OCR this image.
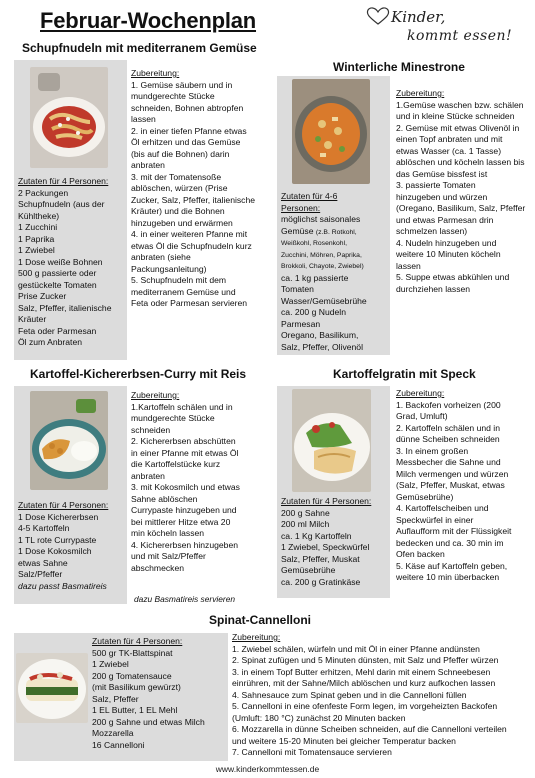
Februar-Wochenplan	Kinder,
kommt essen!
Schupfnudeln mit mediterranem Gemüse
Zutaten für 4 Personen:
2 Packungen
Schupfnudeln (aus der
Kühltheke)
1 Zucchini
1 Paprika
1 Zwiebel
1 Dose weiße Bohnen
500 g passierte oder
gestückelte Tomaten
Prise Zucker
Salz, Pfeffer, italienische
Kräuter
Feta oder Parmesan
Öl zum Anbraten
Zubereitung:
1. Gemüse säubern und in
mundgerechte Stücke
schneiden, Bohnen abtropfen
lassen
2. in einer tiefen Pfanne etwas
Öl erhitzen und das Gemüse
(bis auf die Bohnen) darin
anbraten
3. mit der Tomatensoße
ablöschen, würzen (Prise
Zucker, Salz, Pfeffer, italienische
Kräuter) und die Bohnen
hinzugeben und erwärmen
4. in einer weiteren Pfanne mit
etwas Öl die Schupfnudeln kurz
anbraten (siehe
Packungsanleitung)
5. Schupfnudeln mit dem
mediterranem Gemüse und
Feta oder Parmesan servieren
Winterliche Minestrone
Zutaten für 4-6
Personen:
möglichst saisonales
Gemüse (z.B. Rotkohl,
Weißkohl, Rosenkohl,
Zucchini, Möhren, Paprika,
Brokkoli, Chayote, Zwiebel)
ca. 1 kg passierte
Tomaten
Wasser/Gemüsebrühe
ca. 200 g Nudeln
Parmesan
Oregano, Basilikum,
Salz, Pfeffer, Olivenöl
Zubereitung:
1.Gemüse waschen bzw. schälen
und in kleine Stücke schneiden
2. Gemüse mit etwas Olivenöl in
einen Topf anbraten und mit
etwas Wasser (ca. 1 Tasse)
ablöschen und köcheln lassen bis
das Gemüse bissfest ist
3. passierte Tomaten
hinzugeben und würzen
(Oregano, Basilikum, Salz, Pfeffer
und etwas Parmesan drin
schmelzen lassen)
4. Nudeln hinzugeben und
weitere 10 Minuten köcheln
lassen
5. Suppe etwas abkühlen und
durchziehen lassen
Kartoffel-Kichererbsen-Curry mit Reis
Zutaten für 4 Personen:
1 Dose Kichererbsen
4-5 Kartoffeln
1 TL rote Currypaste
1 Dose Kokosmilch
etwas Sahne
Salz/Pfeffer
dazu passt Basmatireis
Zubereitung:
1.Kartoffeln schälen und in
mundgerechte Stücke
schneiden
2. Kichererbsen abschütten
in einer Pfanne mit etwas Öl
die Kartoffelstücke kurz
anbraten
3. mit Kokosmilch und etwas
Sahne ablöschen
Currypaste hinzugeben und
bei mittlerer Hitze etwa 20
min köcheln lassen
4. Kichererbsen hinzugeben
und mit Salz/Pfeffer
abschmecken
dazu Basmatireis servieren
Kartoffelgratin mit Speck
Zutaten für 4 Personen:
200 g Sahne
200 ml Milch
ca. 1 Kg Kartoffeln
1 Zwiebel, Speckwürfel
Salz, Pfeffer, Muskat
Gemüsebrühe
ca. 200 g Gratinkäse
Zubereitung:
1. Backofen vorheizen (200
Grad, Umluft)
2. Kartoffeln schälen und in
dünne Scheiben schneiden
3. In einem großen
Messbecher die Sahne und
Milch vermengen und würzen
(Salz, Pfeffer, Muskat, etwas
Gemüsebrühe)
4. Kartoffelscheiben und
Speckwürfel in einer
Auflaufform mit der Flüssigkeit
bedecken und ca. 30 min im
Ofen backen
5. Käse auf Kartoffeln geben,
weitere 10 min überbacken
Spinat-Cannelloni
Zutaten für 4 Personen:
500 gr TK-Blattspinat
1 Zwiebel
200 g Tomatensauce
(mit Basilikum gewürzt)
Salz, Pfeffer
1 EL Butter, 1 EL Mehl
200 g Sahne und etwas Milch
Mozzarella
16 Cannelloni
Zubereitung:
1. Zwiebel schälen, würfeln und mit Öl in einer Pfanne andünsten
2. Spinat zufügen und 5 Minuten dünsten, mit Salz und Pfeffer würzen
3. in einem Topf Butter erhitzen, Mehl darin mit einem Schneebesen
einrühren, mit der Sahne/Milch ablöschen und kurz aufkochen lassen
4. Sahnesauce zum Spinat geben und in die Cannelloni füllen
5. Cannelloni in eine ofenfeste Form legen, im vorgeheizten Backofen
(Umluft: 180 °C) zunächst 20 Minuten backen
6. Mozzarella in dünne Scheiben schneiden, auf die Cannelloni verteilen
und weitere 15-20 Minuten bei gleicher Temperatur backen
7. Cannelloni mit Tomatensauce servieren
www.kinderkommtessen.de
